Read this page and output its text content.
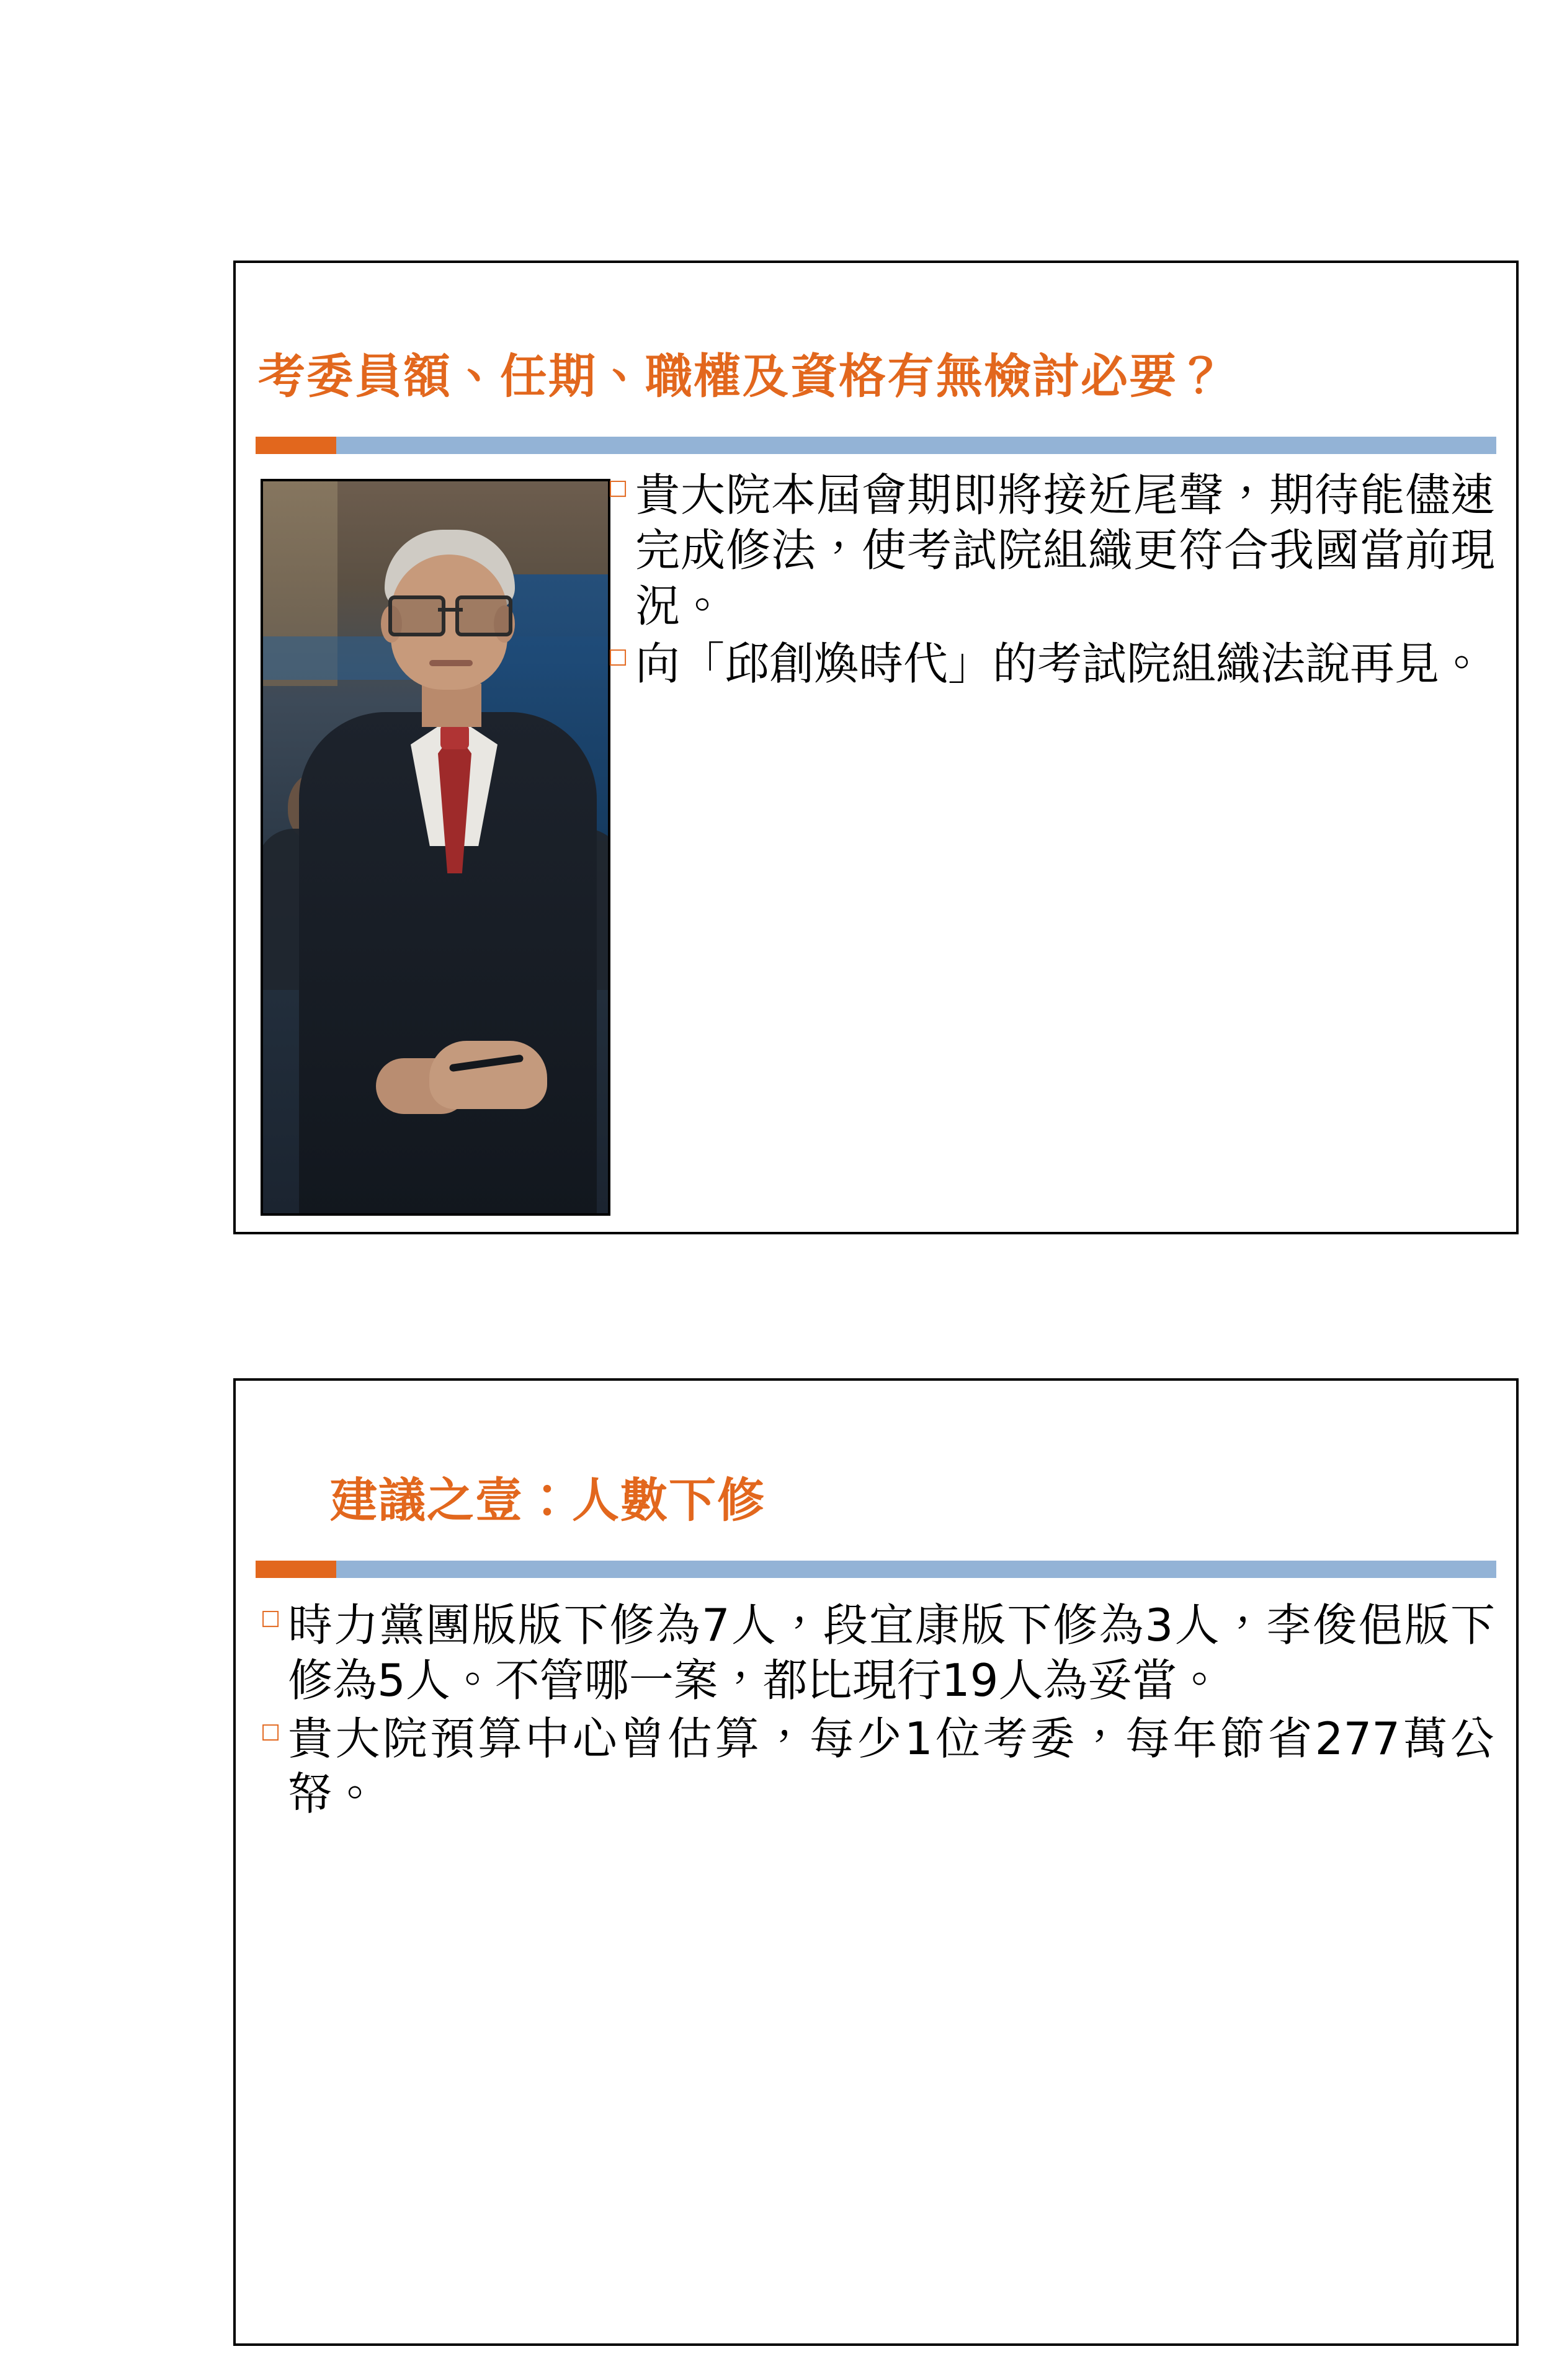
考委員額、任期、職權及資格有無檢討必要？
□ 貴大院本屆會期即將接近尾聲，期待能儘速完成修法，使考試院組織更符合我國當前現況。
□ 向「邱創煥時代」的考試院組織法說再見。
建議之壹：人數下修
□ 時力黨團版版下修為7人，段宜康版下修為3人，李俊俋版下修為5人。不管哪一案，都比現行19人為妥當。
□ 貴大院預算中心曾估算，每少1位考委，每年節省277萬公帑。
